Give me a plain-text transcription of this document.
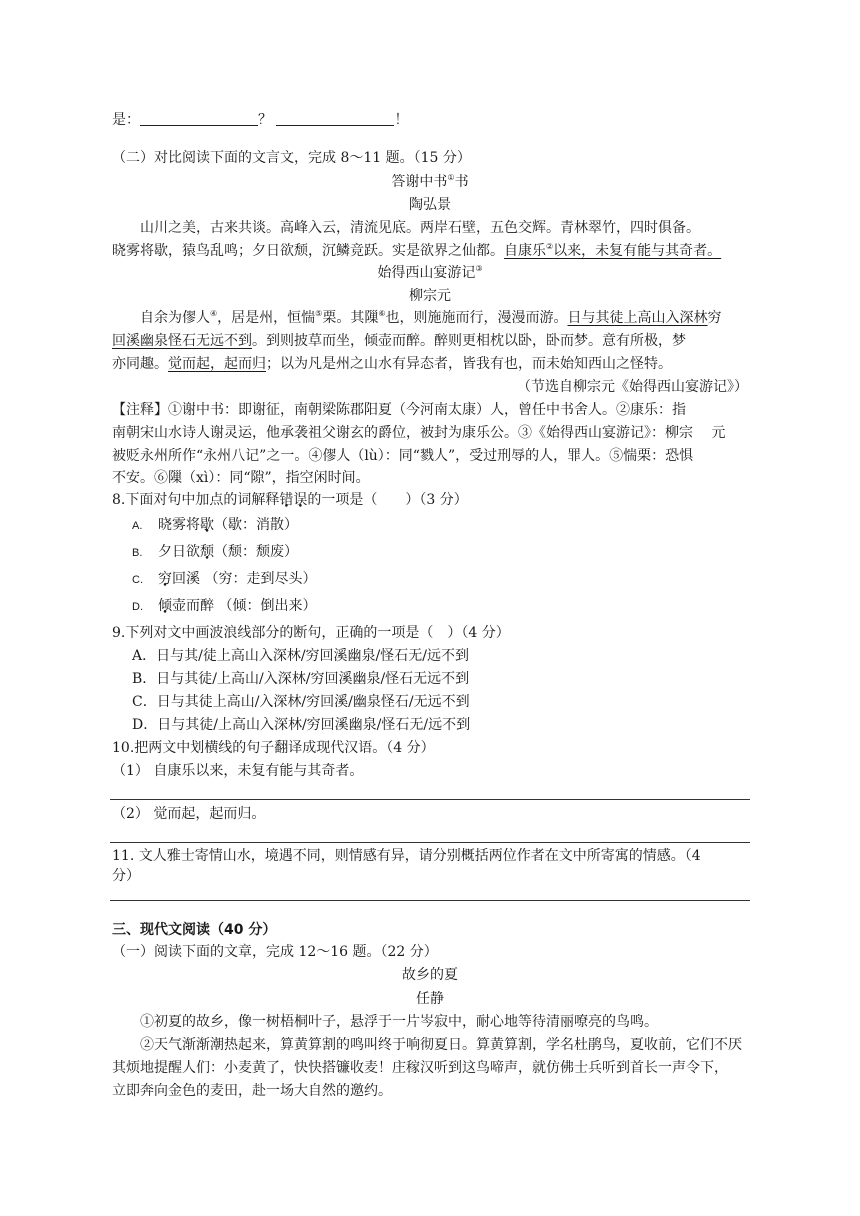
是：	？	！
（二）对比阅读下面的文言文，完成 8～11 题。（15 分）
答谢中书①书
陶弘景
山川之美，古来共谈。高峰入云，清流见底。两岸石壁，五色交辉。青林翠竹，四时俱备。
晓雾将歇，猿鸟乱鸣；夕日欲颓，沉鳞竞跃。实是欲界之仙都。自康乐②以来，未复有能与其奇者。
始得西山宴游记③
柳宗元
自余为僇人④，居是州，恒惴⑤栗。其隟⑥也，则施施而行，漫漫而游。日与其徒上高山入深林穷
回溪幽泉怪石无远不到。到则披草而坐，倾壶而醉。醉则更相枕以卧，卧而梦。意有所极，梦
亦同趣。觉而起，起而归；以为凡是州之山水有异态者，皆我有也，而未始知西山之怪特。
（节选自柳宗元《始得西山宴游记》）
【注释】①谢中书：即谢征，南朝梁陈郡阳夏（今河南太康）人，曾任中书舍人。②康乐：指
南朝宋山水诗人谢灵运，他承袭祖父谢玄的爵位，被封为康乐公。③《始得西山宴游记》：柳宗　 元
被贬永州所作“永州八记”之一。④僇人（lù）：同“戮人”，受过刑辱的人，罪人。⑤惴栗：恐惧
不安。⑥隟（xì）：同“隙”，指空闲时间。
8.下面对句中加点的词解释错误的一项是（　　）（3 分）
A. 晓雾将歇（歇：消散）
B. 夕日欲颓（颓：颓废）
C. 穷回溪 （穷：走到尽头）
D. 倾壶而醉 （倾：倒出来）
9.下列对文中画波浪线部分的断句，正确的一项是（　）（4 分）
A．日与其/徒上高山入深林/穷回溪幽泉/怪石无/远不到
B．日与其徒/上高山/入深林/穷回溪幽泉/怪石无远不到
C．日与其徒上高山/入深林/穷回溪/幽泉怪石/无远不到
D．日与其徒/上高山入深林/穷回溪幽泉/怪石无/远不到
10.把两文中划横线的句子翻译成现代汉语。（4 分）
（1） 自康乐以来，未复有能与其奇者。
（2） 觉而起，起而归。
11. 文人雅士寄情山水，境遇不同，则情感有异，请分别概括两位作者在文中所寄寓的情感。（4
分）
三、现代文阅读（40 分）
（一）阅读下面的文章，完成 12～16 题。（22 分）
故乡的夏
任静
①初夏的故乡，像一树梧桐叶子，悬浮于一片岑寂中，耐心地等待清丽嘹亮的鸟鸣。
②天气渐渐潮热起来，算黄算割的鸣叫终于响彻夏日。算黄算割，学名杜鹃鸟，夏收前，它们不厌
其烦地提醒人们：小麦黄了，快快搭镰收麦！庄稼汉听到这鸟啼声，就仿佛士兵听到首长一声令下，
立即奔向金色的麦田，赴一场大自然的邀约。
